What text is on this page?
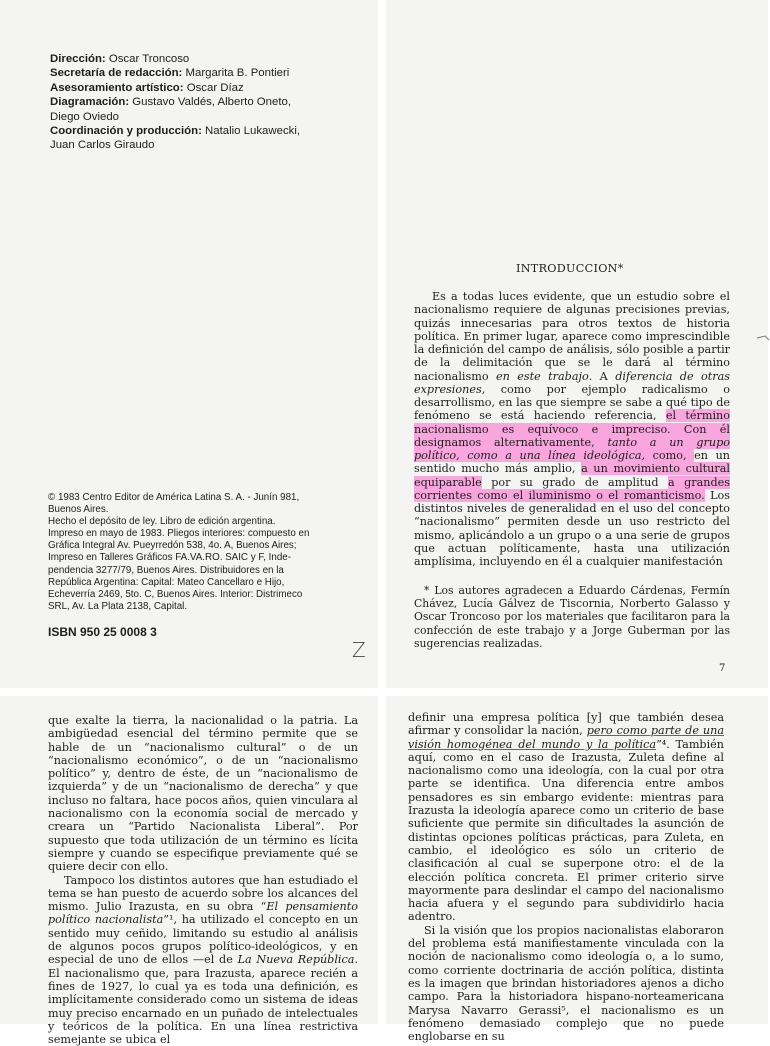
Dirección: Oscar Troncoso
Secretaría de redacción: Margarita B. Pontieri
Asesoramiento artístico: Oscar Díaz
Diagramación: Gustavo Valdés, Alberto Oneto,
Diego Oviedo
Coordinación y producción: Natalio Lukawecki,
Juan Carlos Giraudo
© 1983 Centro Editor de América Latina S. A. - Junín 981,
Buenos Aires.
Hecho el depósito de ley. Libro de edición argentina.
Impreso en mayo de 1983. Pliegos interiores: compuesto en
Gráfica Integral Av. Pueyrredón 538, 4o. A, Buenos Aires;
Impreso en Talleres Gráficos FA.VA.RO. SAIC y F, Inde-
pendencia 3277/79, Buenos Aires. Distribuidores en la
República Argentina: Capital: Mateo Cancellaro e Hijo,
Echeverría 2469, 5to. C, Buenos Aires. Interior: Distrimeco
SRL, Av. La Plata 2138, Capital.
ISBN 950 25 0008 3
Z
INTRODUCCION*

Es a todas luces evidente, que un estudio sobre el nacionalismo requiere de algunas precisiones previas, quizás innecesarias para otros textos de historia política. En primer lugar, aparece como imprescindible la definición del campo de análisis, sólo posible a partir de la delimitación que se le dará al término nacionalismo en este trabajo. A diferencia de otras expresiones, como por ejemplo radicalismo o desarrollismo, en las que siempre se sabe a qué tipo de fenómeno se está haciendo referencia, el término nacionalismo es equívoco e impreciso. Con él designamos alternativamente, tanto a un grupo político, como a una línea ideológica, como, en un sentido mucho más amplio, a un movimiento cultural equiparable por su grado de amplitud a grandes corrientes como el iluminismo o el romanticismo. Los distintos niveles de generalidad en el uso del concepto “nacionalismo” permiten desde un uso restricto del mismo, aplicándolo a un grupo o a una serie de grupos que actuan políticamente, hasta una utilización amplísima, incluyendo en él a cualquier manifestación

* Los autores agradecen a Eduardo Cárdenas, Fermín Chávez, Lucía Gálvez de Tiscornia, Norberto Galasso y Oscar Troncoso por los materiales que facilitaron para la confección de este trabajo y a Jorge Guberman por las sugerencias realizadas.

7

que exalte la tierra, la nacionalidad o la patria. La ambigüedad esencial del término permite que se hable de un “nacionalismo cultural” o de un “nacionalismo económico”, o de un “nacionalismo político” y, dentro de éste, de un “nacionalismo de izquierda” y de un “nacionalismo de derecha” y que incluso no faltara, hace pocos años, quien vinculara al nacionalismo con la economía social de mercado y creara un “Partido Nacionalista Liberal”. Por supuesto que toda utilización de un término es lícita siempre y cuando se especifique previamente qué se quiere decir con ello.

Tampoco los distintos autores que han estudiado el tema se han puesto de acuerdo sobre los alcances del mismo. Julio Irazusta, en su obra “El pensamiento político nacionalista”¹, ha utilizado el concepto en un sentido muy ceñido, limitando su estudio al análisis de algunos pocos grupos político-ideológicos, y en especial de uno de ellos —el de La Nueva República. El nacionalismo que, para Irazusta, aparece recién a fines de 1927, lo cual ya es toda una definición, es implícitamente considerado como un sistema de ideas muy preciso encarnado en un puñado de intelectuales y teóricos de la política. En una línea restrictiva semejante se ubica el

definir una empresa política [y] que también desea afirmar y consolidar la nación, pero como parte de una visión homogénea del mundo y la política”⁴. También aquí, como en el caso de Irazusta, Zuleta define al nacionalismo como una ideología, con la cual por otra parte se identifica. Una diferencia entre ambos pensadores es sin embargo evidente: mientras para Irazusta la ideología aparece como un criterio de base suficiente que permite sin dificultades la asunción de distintas opciones políticas prácticas, para Zuleta, en cambio, el ideológico es sólo un criterio de clasificación al cual se superpone otro: el de la elección política concreta. El primer criterio sirve mayormente para deslindar el campo del nacionalismo hacia afuera y el segundo para subdividirlo hacia adentro.

Si la visión que los propios nacionalistas elaboraron del problema está manifiestamente vinculada con la noción de nacionalismo como ideología o, a lo sumo, como corriente doctrinaria de acción política, distinta es la imagen que brindan historiadores ajenos a dicho campo. Para la historiadora hispano-norteamericana Marysa Navarro Gerassi⁵, el nacionalismo es un fenómeno demasiado complejo que no puede englobarse en su
